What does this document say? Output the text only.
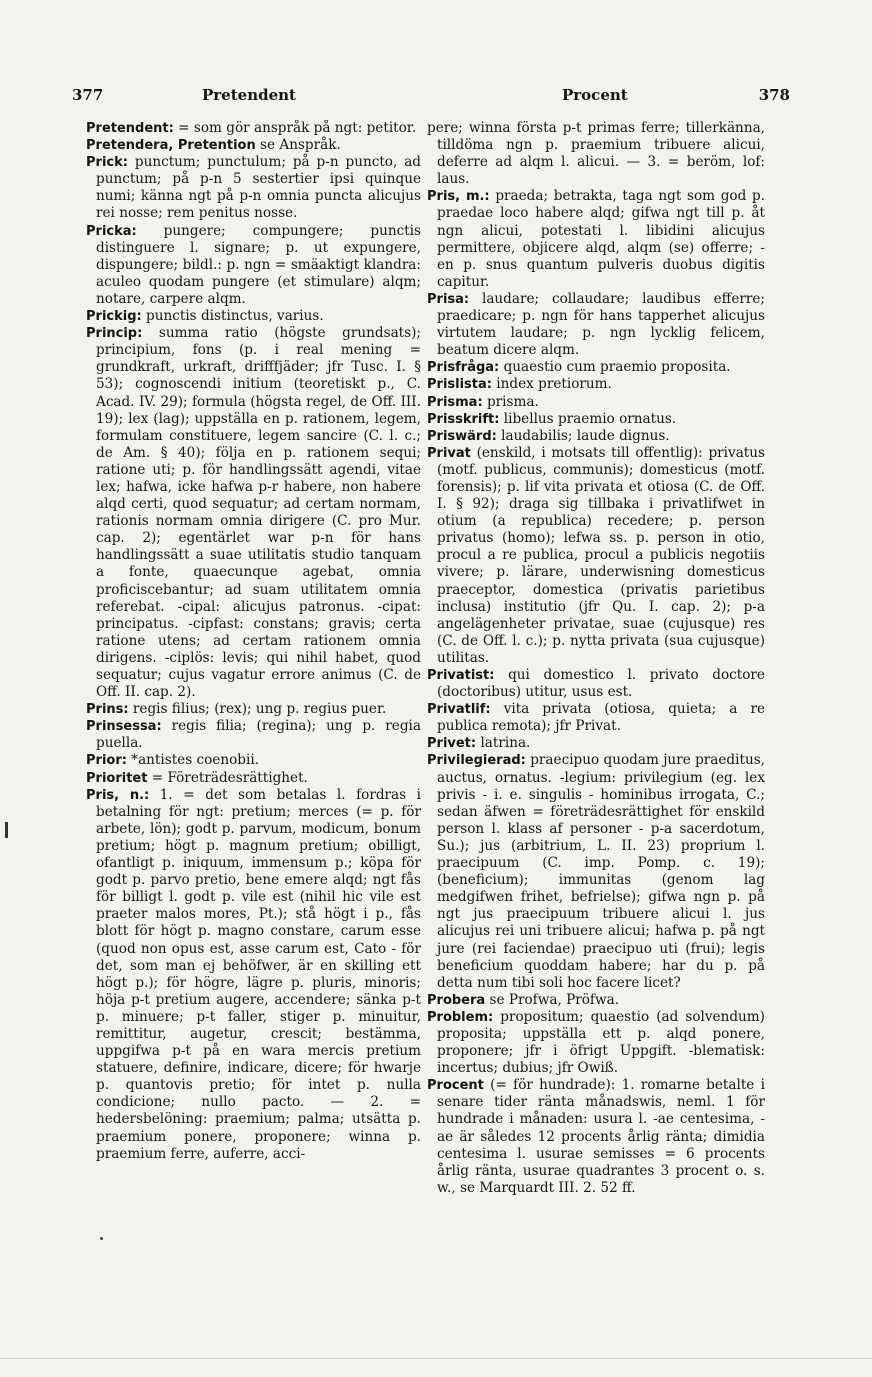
377	Pretendent	Procent	378

Pretendent: = som gör anspråk på ngt: petitor.

Pretendera, Pretention se Anspråk.

Prick: punctum; punctulum; på p-n puncto, ad punctum; på p-n 5 sestertier ipsi quinque numi; känna ngt på p-n omnia puncta alicujus rei nosse; rem penitus nosse.

Pricka: pungere; compungere; punctis distinguere l. signare; p. ut expungere, dispungere; bildl.: p. ngn = smäaktigt klandra: aculeo quodam pungere (et stimulare) alqm; notare, carpere alqm.

Prickig: punctis distinctus, varius.

Princip: summa ratio (högste grundsats); principium, fons (p. i real mening = grundkraft, urkraft, drifffjäder; jfr Tusc. I. § 53); cognoscendi initium (teoretiskt p., C. Acad. IV. 29); formula (högsta regel, de Off. III. 19); lex (lag); uppställa en p. rationem, legem, formulam constituere, legem sancire (C. l. c.; de Am. § 40); följa en p. rationem sequi; ratione uti; p. för handlingssätt agendi, vitae lex; hafwa, icke hafwa p-r habere, non habere alqd certi, quod sequatur; ad certam normam, rationis normam omnia dirigere (C. pro Mur. cap. 2); egentärlet war p-n för hans handlingssätt a suae utilitatis studio tanquam a fonte, quaecunque agebat, omnia proficiscebantur; ad suam utilitatem omnia referebat. -cipal: alicujus patronus. -cipat: principatus. -cipfast: constans; gravis; certa ratione utens; ad certam rationem omnia dirigens. -ciplös: levis; qui nihil habet, quod sequatur; cujus vagatur errore animus (C. de Off. II. cap. 2).

Prins: regis filius; (rex); ung p. regius puer.

Prinsessa: regis filia; (regina); ung p. regia puella.

Prior: *antistes coenobii.

Prioritet = Företrädesrättighet.

Pris, n.: 1. = det som betalas l. fordras i betalning för ngt: pretium; merces (= p. för arbete, lön); godt p. parvum, modicum, bonum pretium; högt p. magnum pretium; obilligt, ofantligt p. iniquum, immensum p.; köpa för godt p. parvo pretio, bene emere alqd; ngt fås för billigt l. godt p. vile est (nihil hic vile est praeter malos mores, Pt.); stå högt i p., fås blott för högt p. magno constare, carum esse (quod non opus est, asse carum est, Cato - för det, som man ej behöfwer, är en skilling ett högt p.); för högre, lägre p. pluris, minoris; höja p-t pretium augere, accendere; sänka p-t p. minuere; p-t faller, stiger p. minuitur, remittitur, augetur, crescit; bestämma, uppgifwa p-t på en wara mercis pretium statuere, definire, indicare, dicere; för hwarje p. quantovis pretio; för intet p. nulla condicione; nullo pacto. — 2. = hedersbelöning: praemium; palma; utsätta p. praemium ponere, proponere; winna p. praemium ferre, auferre, acci-

pere; winna första p-t primas ferre; tillerkänna, tilldöma ngn p. praemium tribuere alicui, deferre ad alqm l. alicui. — 3. = beröm, lof: laus.

Pris, m.: praeda; betrakta, taga ngt som god p. praedae loco habere alqd; gifwa ngt till p. åt ngn alicui, potestati l. libidini alicujus permittere, objicere alqd, alqm (se) offerre; - en p. snus quantum pulveris duobus digitis capitur.

Prisa: laudare; collaudare; laudibus efferre; praedicare; p. ngn för hans tapperhet alicujus virtutem laudare; p. ngn lycklig felicem, beatum dicere alqm.

Prisfråga: quaestio cum praemio proposita.

Prislista: index pretiorum.

Prisma: prisma.

Prisskrift: libellus praemio ornatus.

Priswärd: laudabilis; laude dignus.

Privat (enskild, i motsats till offentlig): privatus (motf. publicus, communis); domesticus (motf. forensis); p. lif vita privata et otiosa (C. de Off. I. § 92); draga sig tillbaka i privatlifwet in otium (a republica) recedere; p. person privatus (homo); lefwa ss. p. person in otio, procul a re publica, procul a publicis negotiis vivere; p. lärare, underwisning domesticus praeceptor, domestica (privatis parietibus inclusa) institutio (jfr Qu. I. cap. 2); p-a angelägenheter privatae, suae (cujusque) res (C. de Off. l. c.); p. nytta privata (sua cujusque) utilitas.

Privatist: qui domestico l. privato doctore (doctoribus) utitur, usus est.

Privatlif: vita privata (otiosa, quieta; a re publica remota); jfr Privat.

Privet: latrina.

Privilegierad: praecipuo quodam jure praeditus, auctus, ornatus. -legium: privilegium (eg. lex privis - i. e. singulis - hominibus irrogata, C.; sedan äfwen = företrädesrättighet för enskild person l. klass af personer - p-a sacerdotum, Su.); jus (arbitrium, L. II. 23) proprium l. praecipuum (C. imp. Pomp. c. 19); (beneficium); immunitas (genom lag medgifwen frihet, befrielse); gifwa ngn p. på ngt jus praecipuum tribuere alicui l. jus alicujus rei uni tribuere alicui; hafwa p. på ngt jure (rei faciendae) praecipuo uti (frui); legis beneficium quoddam habere; har du p. på detta num tibi soli hoc facere licet?

Probera se Profwa, Pröfwa.

Problem: propositum; quaestio (ad solvendum) proposita; uppställa ett p. alqd ponere, proponere; jfr i öfrigt Uppgift. -blematisk: incertus; dubius; jfr Owiß.

Procent (= för hundrade): 1. romarne betalte i senare tider ränta månadswis, neml. 1 för hundrade i månaden: usura l. -ae centesima, -ae är således 12 procents årlig ränta; dimidia centesima l. usurae semisses = 6 procents årlig ränta, usurae quadrantes 3 procent o. s. w., se Marquardt III. 2. 52 ff.
